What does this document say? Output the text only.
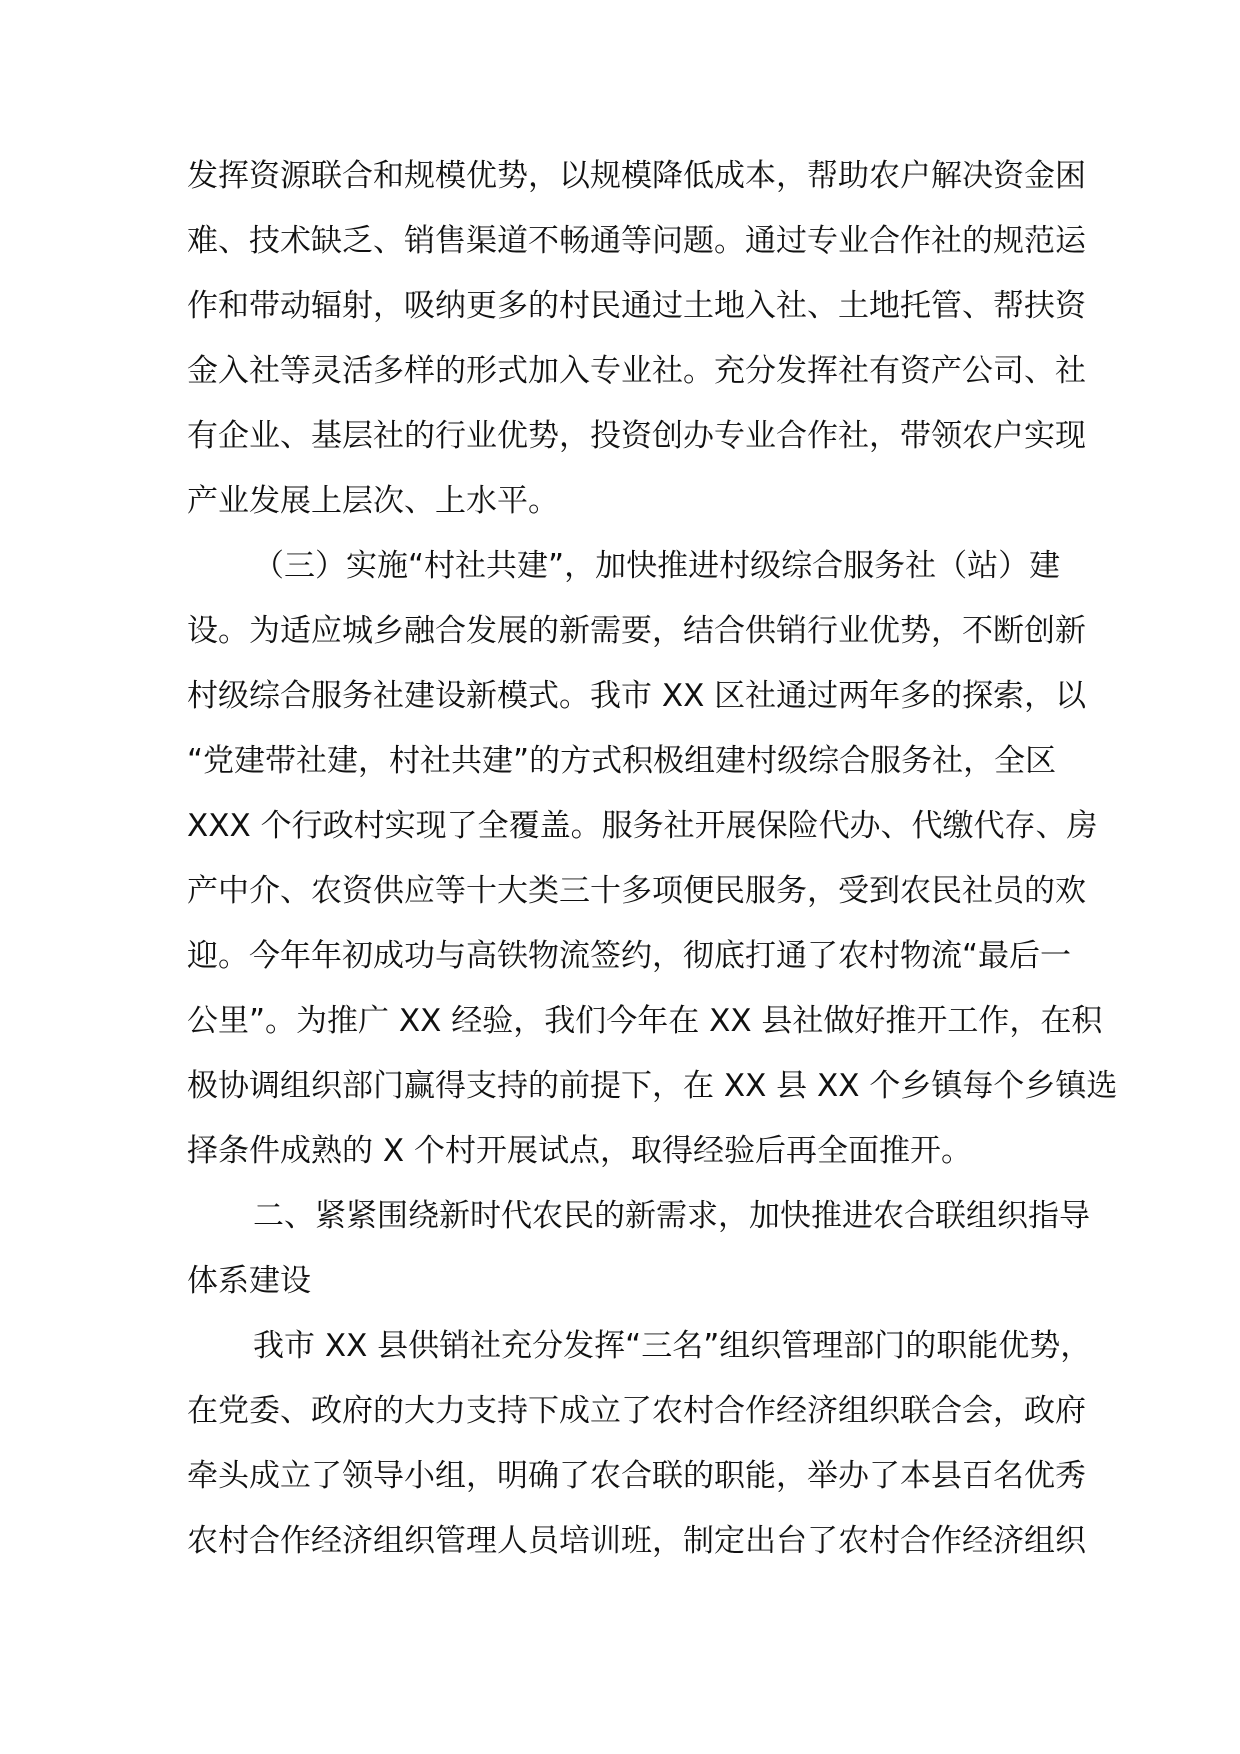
发挥资源联合和规模优势，以规模降低成本，帮助农户解决资金困
难、技术缺乏、销售渠道不畅通等问题。通过专业合作社的规范运
作和带动辐射，吸纳更多的村民通过土地入社、土地托管、帮扶资
金入社等灵活多样的形式加入专业社。充分发挥社有资产公司、社
有企业、基层社的行业优势，投资创办专业合作社，带领农户实现
产业发展上层次、上水平。
（三）实施“村社共建”，加快推进村级综合服务社（站）建
设。为适应城乡融合发展的新需要，结合供销行业优势，不断创新
村级综合服务社建设新模式。我市 XX 区社通过两年多的探索，以
“党建带社建，村社共建”的方式积极组建村级综合服务社，全区
XXX 个行政村实现了全覆盖。服务社开展保险代办、代缴代存、房
产中介、农资供应等十大类三十多项便民服务，受到农民社员的欢
迎。今年年初成功与高铁物流签约，彻底打通了农村物流“最后一
公里”。为推广 XX 经验，我们今年在 XX 县社做好推开工作，在积
极协调组织部门赢得支持的前提下，在 XX 县 XX 个乡镇每个乡镇选
择条件成熟的 X 个村开展试点，取得经验后再全面推开。
二、紧紧围绕新时代农民的新需求，加快推进农合联组织指导
体系建设
我市 XX 县供销社充分发挥“三名”组织管理部门的职能优势，
在党委、政府的大力支持下成立了农村合作经济组织联合会，政府
牵头成立了领导小组，明确了农合联的职能，举办了本县百名优秀
农村合作经济组织管理人员培训班，制定出台了农村合作经济组织
